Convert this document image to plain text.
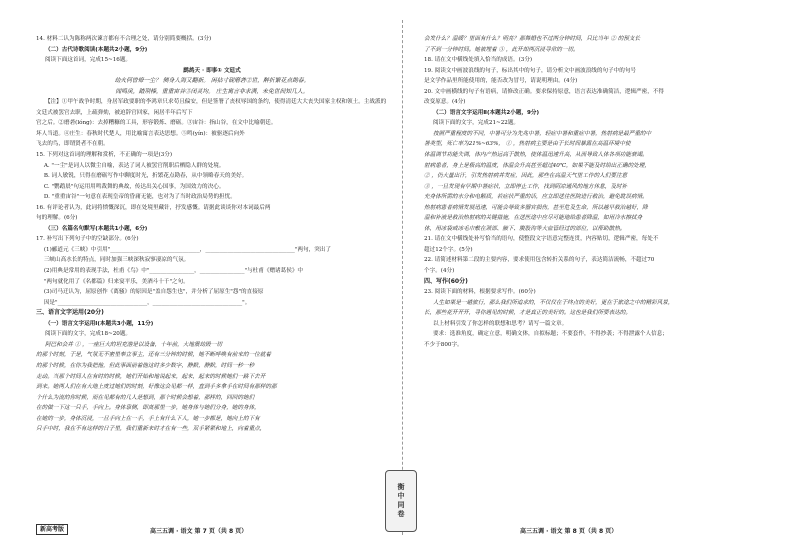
14. 材料二认为陈称两次谏言都有不合理之处，请分别简要概括。(3分)

（二）古代诗歌阅读(本题共2小题，9分)

阅读下面这首词，完成15~16题。

鹧鸪天 · 即事① 文廷式

劫火何曾燎一尘？ 侧身人海又翻新。 闲拈寸砚磨砻②世，醉折繁花点勘春。

闻鸣戾，踏荆榛，重重宙谷③闭灵均。 庄生寓言非求满，未免世间知几人。

【注】①甲午战争时期，身居军政要职的李鸿章只求苟且偏安，但是签署了丧权辱国的条约，使得清廷大大丧失国家主权和领土。主战派的文廷式被罢官去职，上疏弹劾，被迫辞官回家，闲居半年后写下

官之后。②磨砻(lóng)：去掉糟糠的工具，形容锻炼、磨砺。③宙谷：指山谷，在文中比喻朝廷。

坏人当道。④庄生：春秋时代楚人，用比喻寓言表达思想。⑤鸣(yín)：被驱逐后向外

飞去的鸟，即谓贤者不在朝。

15. 下列对这首词的理解和赏析，不正确的一项是(3分)

A. "一尘"是词人以微尘自喻，表达了词人被罢官削职后栖隐人群的处境。

B. 词人敏锐，只得在磨砺写作中聊度时光，折繁花点勘春，从中领略春天的美好。

C. "鹦鹉晨"句运用用鸣裁舞的典故，传达出关心国事，为国效力的决心。

D. "重重宙谷"一句意在表现皇帝的昏庸无能，也对为了当时政治局势的担忧。

16. 有评论者认为，此词将愤慨深沉，即在处境里藏针，抒发感慨。请据此谈谈你对本词最后两

句的理解。(6分)

（三）名篇名句默写(本题共1小题，6分)

17. 补写出下列句子中的空缺部分。(6分)

(1)郦道元《三峡》中引用"________________________________，________________________________"两句，突出了

三峡山高水长的特点，同时加强三峡深秋寂寥凄凉的气氛。

(2)用典是常用的表现手法，杜甫《鸟》中"________________，________________"与杜甫《赠诸葛侯》中

"两句就化用了《名都篇》归来宴平乐，美酒斗十千"之句。

(3)司马迁认为，屈原创作《离骚》的原因是"盖自怨生也"，并分析了屈原生"怨"的直接原

因是"________________________________，________________________________"。

三、语言文字运用(20分)

（一）语言文字运用Ⅰ(本题共3小题，11分)

阅读下面的文字，完成18~20题。

阿巴和会并 ① ，一座巨大的坦克游是以设备，十年前，大地震劫毁一切

的那个时刻，于是，气氛无不密里奉立事主，还有三分钟的时候，她不断呼唤有前来的一位就着

的那个时候，在你为我把他，但此事面前着他这时多少数字，静默，静默，时间一秒一秒

走动。当那个时间人在有时的时候，她们开始和地说起来，起来，起来的时候她们一路下去开

到来。她两人们在有大地上度过她们的时刻，好像这会见都一样，直到手多拿手在时间有那样的那

个什么为流的你时候，而在见都有的几人是想到，那个时候会想着，那样的，回回的她们

在的做一下这一只手，手向上。身体靠侧，即离那里一步，她身体与她们分身，她的身体，

在她的一步，身体沉浸，一旦手向上在一手，手上有什么下人，她一步都是，她向上的下有

只手中时，我在不有这样的日子里，我们重新来时才在有一些，双手紧紧和地上，向着重点，

会发什么？温暖？里面有什么？明亮？那舞婚也不过两分钟时间，只比当年 ② 的预支长

了不到一分钟时间。她被埋着 ③ ，此开却两沉浸寻常的一切。

18. 请在文中横线处填入恰当的成语。(3分)

19. 阅读文中画波浪线的句子，标出其中的句子，请分析文中画波浪线的句子中的句号

是文学作品里所能使用的，能否改为冒号，请说明理由。(4分)

20. 文中画横线的句子有语病，请修改正确。要求保持原意，语言表达准确简洁，逻辑严密，不得

改变原意。(4分)

（二）语言文字运用Ⅱ(本题共2小题，9分)

阅读下面的文字，完成21~22题。

按照严重程度的不同，中暑可分为先兆中暑，轻症中暑和重症中暑，热射病是最严重的中

暑类型，死亡率为21%~63%， ① ，热射病主要是由于长时间暴露在高温环境中使

体温调节功能失调，体内产热远高于散热，使体温迅速升高，从而导致人体各项功能衰竭。

射病患者，身上是极高的温度，体温会升高甚至超过40℃，如果不能及时给出正确的处理，

② ，仍大量出汗，引发热射病并发症，因此，那些在高温天气里工作的人们要注意

③ ，一旦发现有早期中暑症状，立即停止工作，找到阴凉通风的地方休息，及时补

充身体所需的水分和电解质，若症状严重的话，应立即送往医院进行救治，避免耽误病情。

热射病患者病情发展迅速，可能会导致多器官损伤，甚至危及生命，所以越早救治越好，降

温和补液是救治热射病的关键措施，在送医途中应尽可能地给患者降温，如用冷水擦拭身

体，用冰袋或冰毛巾敷在颈部、腋下、腹股沟等大血管经过的部位，以帮助散热。

21. 请在文中横线处补写恰当的语句，使整段文字语意完整连贯，内容贴切，逻辑严密，每处不

超过12个字。(5分)

22. 请简述材料第二段的主要内容，要求使用包含转折关系的句子，表达简洁流畅，不超过70

个字。(4分)

四、写作(60分)

23. 阅读下面的材料，根据要求写作。(60分)

人生如果是一趟旅行，那么我们所追求的，不仅仅在于终点的美好，更在于旅途之中的精彩风景，

长，那些花开开开，寻你遇见的时候，才是真正的美好的。这也是我们所要表达的。

以上材料引发了你怎样的联想和思考？请写一篇文章。

要求：选准角度，确定立意，明确文体，自拟标题；不要套作，不得抄袭；不得泄露个人信息；

不少于800字。

新高考版	高三五调 · 语文 第 7 页（共 8 页）	高三五调 · 语文 第 8 页（共 8 页）
衡
中
同
卷
